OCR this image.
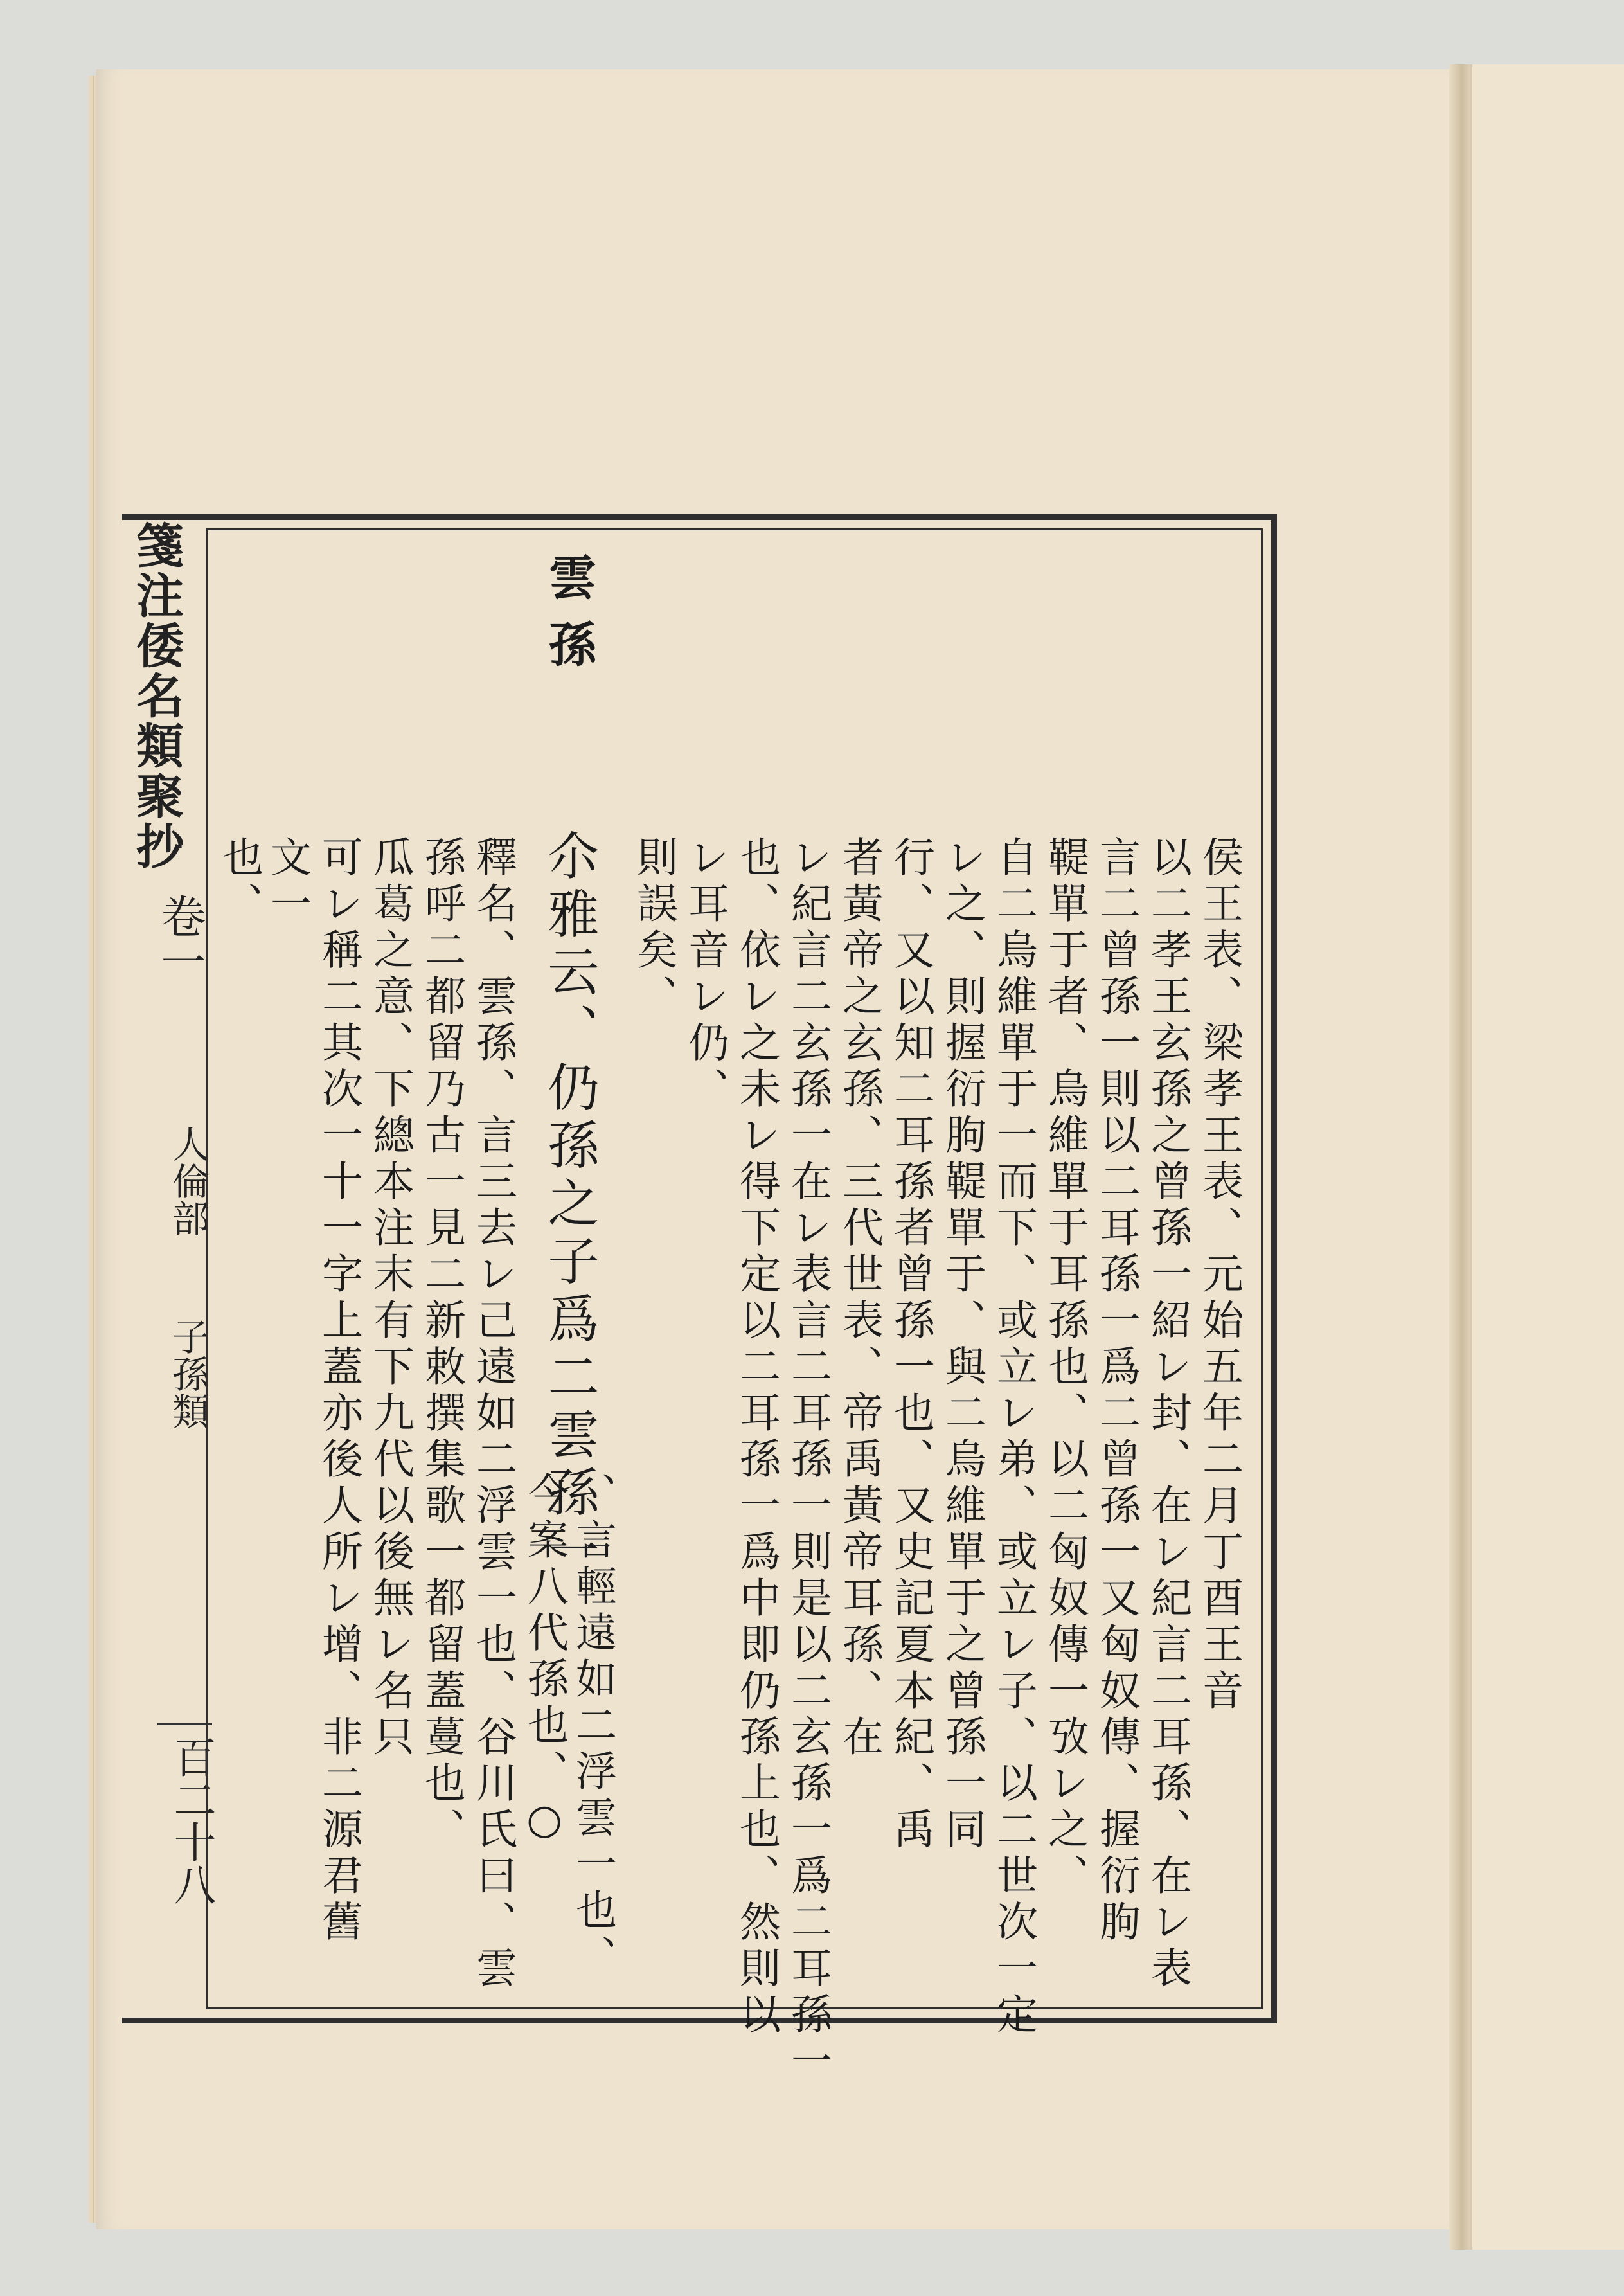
箋注倭名類聚抄
卷一
人倫部
子孫類
百二十八
侯王表、梁孝王表、元始五年二月丁酉王音
以二孝王玄孫之曾孫一紹レ封、在レ紀言二耳孫、在レ表
言二曾孫一則以二耳孫一爲二曾孫一又匈奴傳、握衍朐
鞮單于者、烏維單于耳孫也、以二匈奴傳一攷レ之、
自二烏維單于一而下、或立レ弟、或立レ子、以二世次一定
レ之、則握衍朐鞮單于、與二烏維單于之曾孫一同
行、又以知二耳孫者曾孫一也、又史記夏本紀、禹
者黃帝之玄孫、三代世表、帝禹黃帝耳孫、在
レ紀言二玄孫一在レ表言二耳孫一則是以二玄孫一爲二耳孫一
也、依レ之未レ得下定以二耳孫一爲中即仍孫上也、然則以
レ耳音レ仍、
則誤矣、
雲孫
尒雅云、仍孫之子爲二雲孫一
、言輕遠如二浮雲一也、
釋名、雲孫、言三去レ己遠如二浮雲一也、谷川氏曰、雲
孫呼二都留乃古一見二新敕撰集歌一都留蓋蔓也、
瓜葛之意、下總本注末有下九代以後無レ名只
可レ稱二其次一十一字上蓋亦後人所レ增、非二源君舊
文一
也、
今案八代孫也、○
